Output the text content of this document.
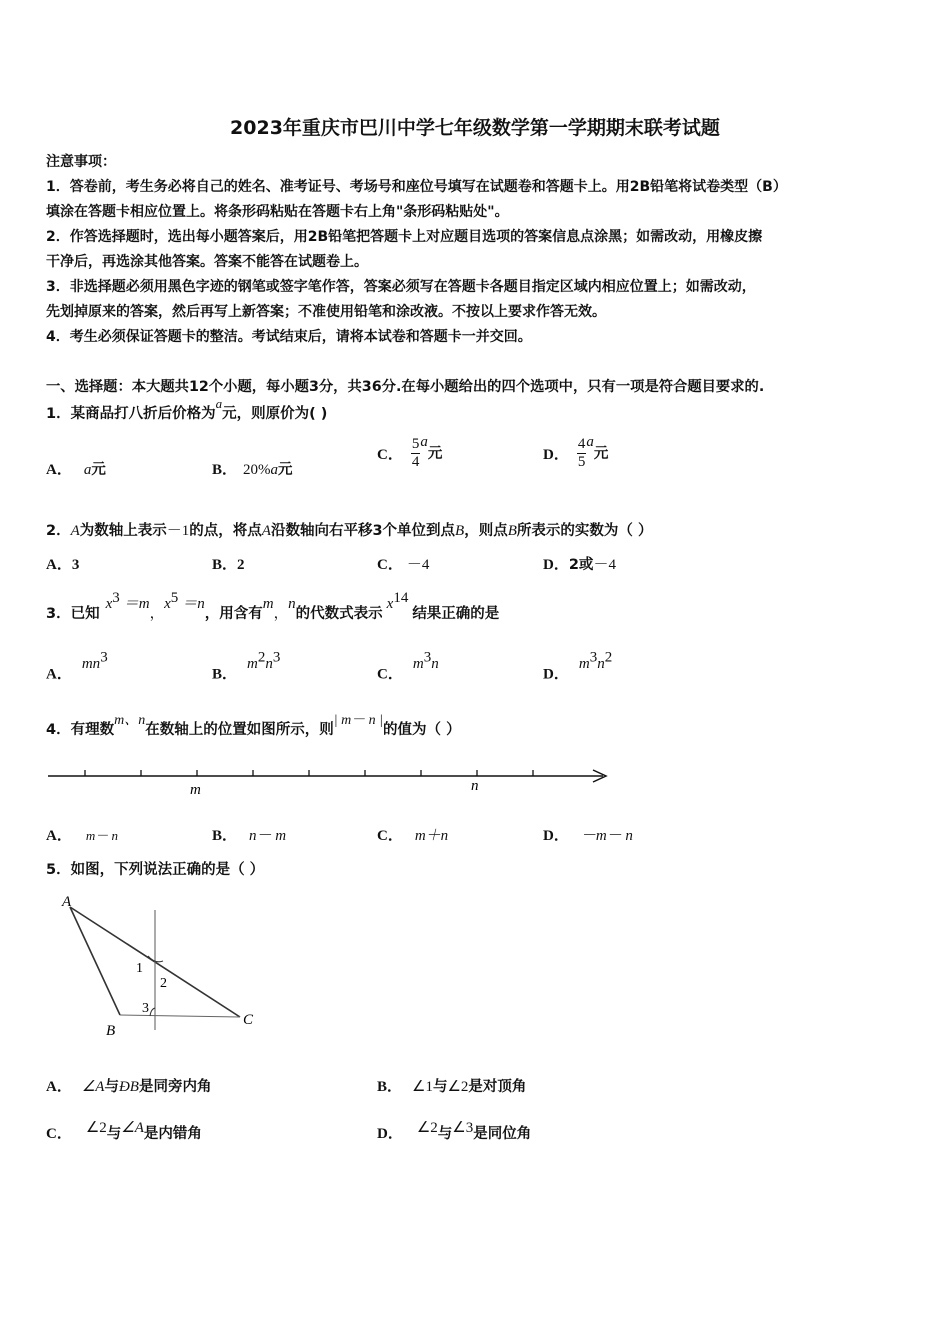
2023年重庆市巴川中学七年级数学第一学期期末联考试题
注意事项：
1．答卷前，考生务必将自己的姓名、准考证号、考场号和座位号填写在试题卷和答题卡上。用2B铅笔将试卷类型（B）
填涂在答题卡相应位置上。将条形码粘贴在答题卡右上角"条形码粘贴处"。
2．作答选择题时，选出每小题答案后，用2B铅笔把答题卡上对应题目选项的答案信息点涂黑；如需改动，用橡皮擦
干净后，再选涂其他答案。答案不能答在试题卷上。
3．非选择题必须用黑色字迹的钢笔或签字笔作答，答案必须写在答题卡各题目指定区域内相应位置上；如需改动，
先划掉原来的答案，然后再写上新答案；不准使用铅笔和涂改液。不按以上要求作答无效。
4．考生必须保证答题卡的整洁。考试结束后，请将本试卷和答题卡一并交回。
一、选择题：本大题共12个小题，每小题3分，共36分.在每小题给出的四个选项中，只有一项是符合题目要求的.
1．某商品打八折后价格为$^a$元，则原价为( )
A． a元	B． 20%a元
C． $\frac{5}{4}$ a元	D． $\frac{4}{5}$ a元
2．A为数轴上表示－1的点，将点A沿数轴向右平移3个单位到点B，则点B所表示的实数为（ ）
A．3	B．2	C． －4	D．2或－4
3．已知$x^3 =m$，$x^5 =n$，用含有m，n的代数式表示$x^{14}$结果正确的是
A．$mn^3$
B．$m^2n^3$
C．$m^3n$
D．$m^3n^2$
4．有理数m、n在数轴上的位置如图所示，则| m－ n |的值为（ ）
m	n
A． m－ n	B． n－ m	C． m＋n	D． －m－ n
5．如图，下列说法正确的是（ ）
A
B
C
1
2
3
A． ∠A与ÐB是同旁内角	B． ∠1与∠2是对顶角
C． ∠2与∠A是内错角	D． ∠2与∠3是同位角
